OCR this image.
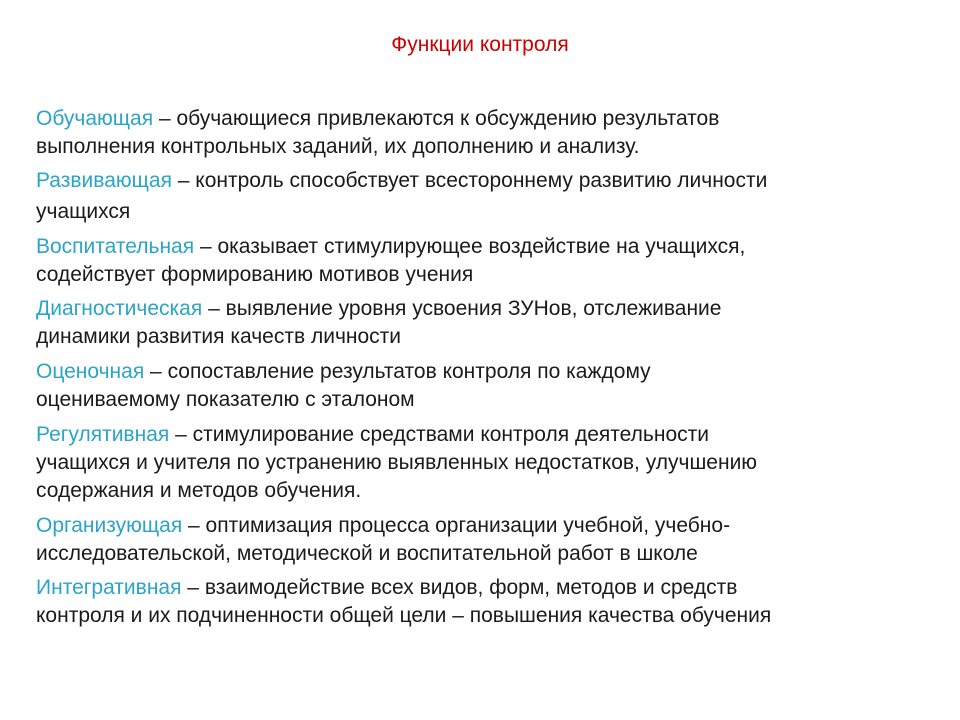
Функции контроля
Обучающая – обучающиеся привлекаются к обсуждению результатов
выполнения контрольных заданий, их дополнению и анализу.
Развивающая – контроль способствует всестороннему развитию личности
учащихся
Воспитательная – оказывает стимулирующее воздействие на учащихся,
содействует формированию мотивов учения
Диагностическая – выявление уровня усвоения ЗУНов, отслеживание
динамики развития качеств личности
Оценочная – сопоставление результатов контроля по каждому
оцениваемому показателю с эталоном
Регулятивная – стимулирование средствами контроля деятельности
учащихся и учителя по устранению выявленных недостатков, улучшению
содержания и методов обучения.
Организующая – оптимизация процесса организации учебной, учебно-
исследовательской, методической и воспитательной работ в школе
Интегративная – взаимодействие всех видов, форм, методов и средств
контроля и их подчиненности общей цели – повышения качества обучения
